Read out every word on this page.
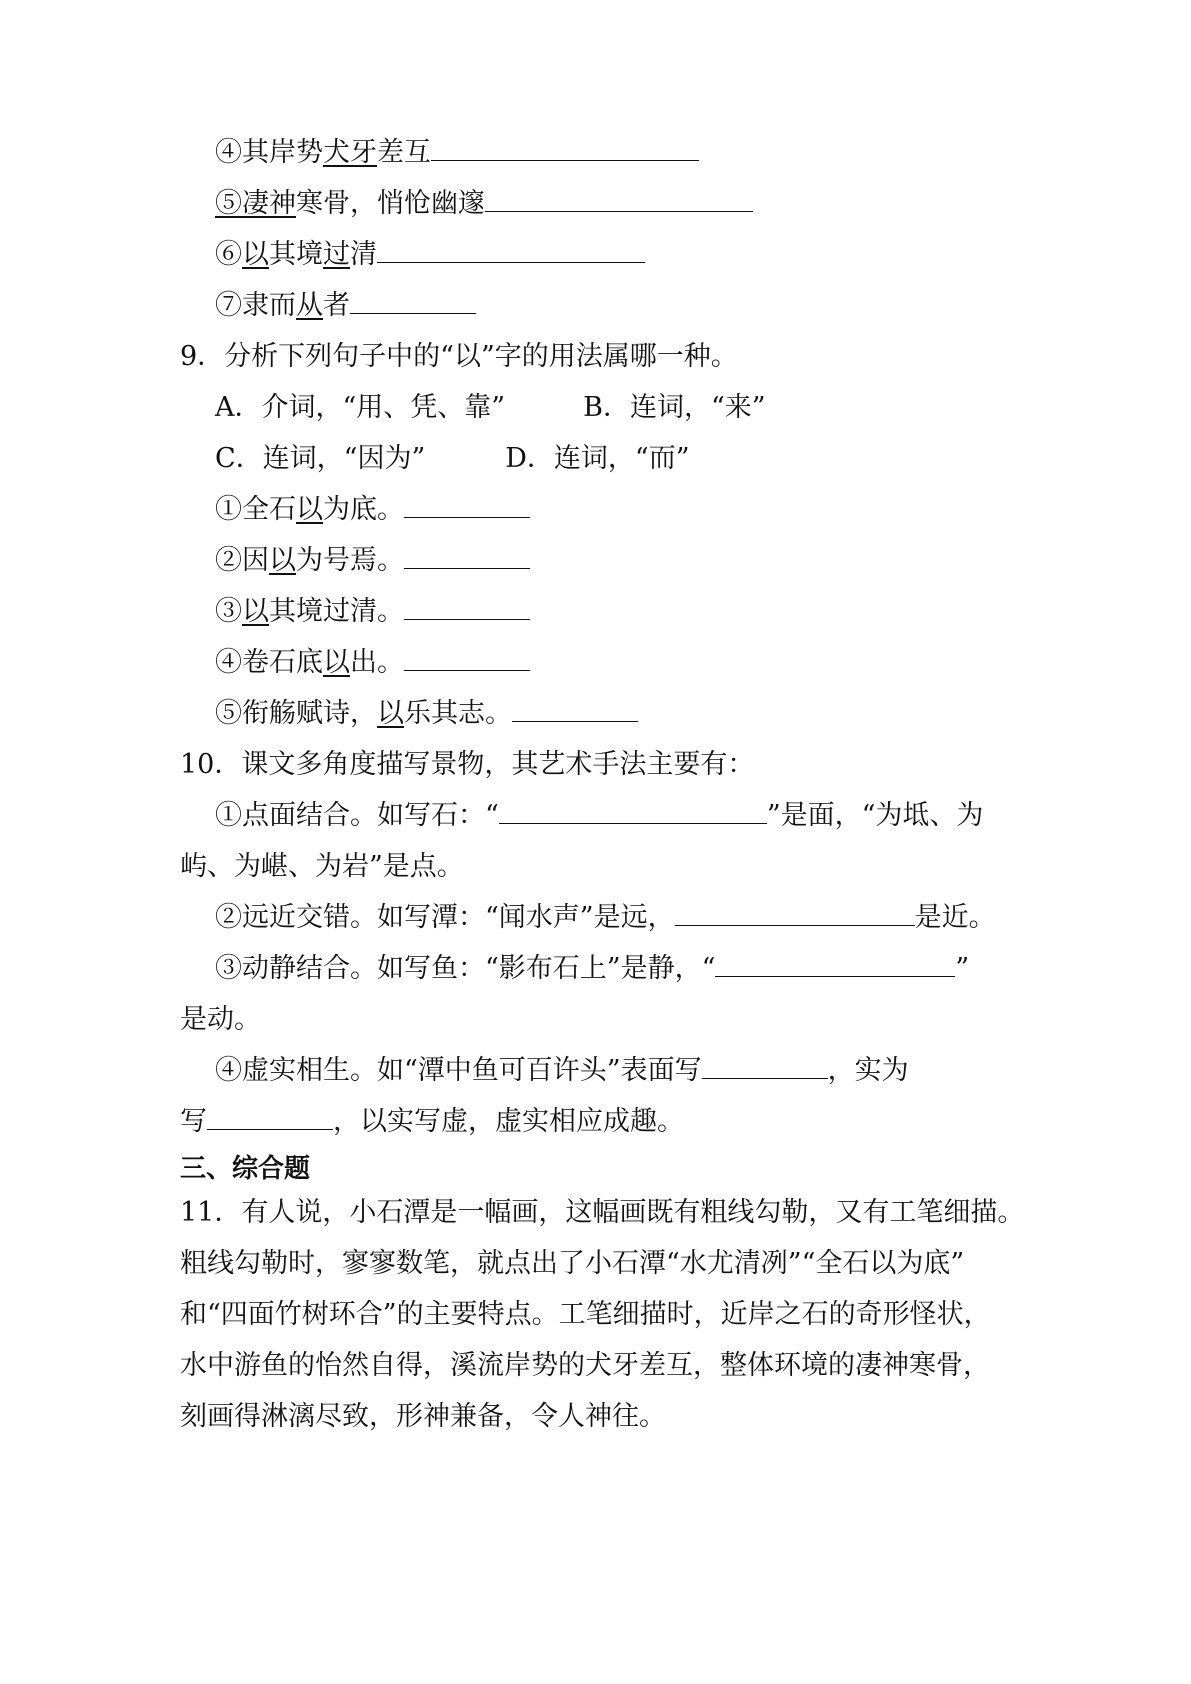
④其岸势犬牙差互
⑤凄神寒骨，悄怆幽邃
⑥以其境过清
⑦隶而从者
9．分析下列句子中的“以”字的用法属哪一种。
A．介词，“用、凭、靠”	B．连词，“来”
C．连词，“因为”	D．连词，“而”
①全石以为底。
②因以为号焉。
③以其境过清。
④卷石底以出。
⑤衔觞赋诗，以乐其志。
10．课文多角度描写景物，其艺术手法主要有：
①点面结合。如写石：“	”是面，“为坻、为
屿、为嵁、为岩”是点。
②远近交错。如写潭：“闻水声”是远，	是近。
③动静结合。如写鱼：“影布石上”是静，“	”
是动。
④虚实相生。如“潭中鱼可百许头”表面写	，实为
写	，以实写虚，虚实相应成趣。
三、综合题
11．有人说，小石潭是一幅画，这幅画既有粗线勾勒，又有工笔细描。
粗线勾勒时，寥寥数笔，就点出了小石潭“水尤清冽”“全石以为底”
和“四面竹树环合”的主要特点。工笔细描时，近岸之石的奇形怪状，
水中游鱼的怡然自得，溪流岸势的犬牙差互，整体环境的凄神寒骨，
刻画得淋漓尽致，形神兼备，令人神往。
